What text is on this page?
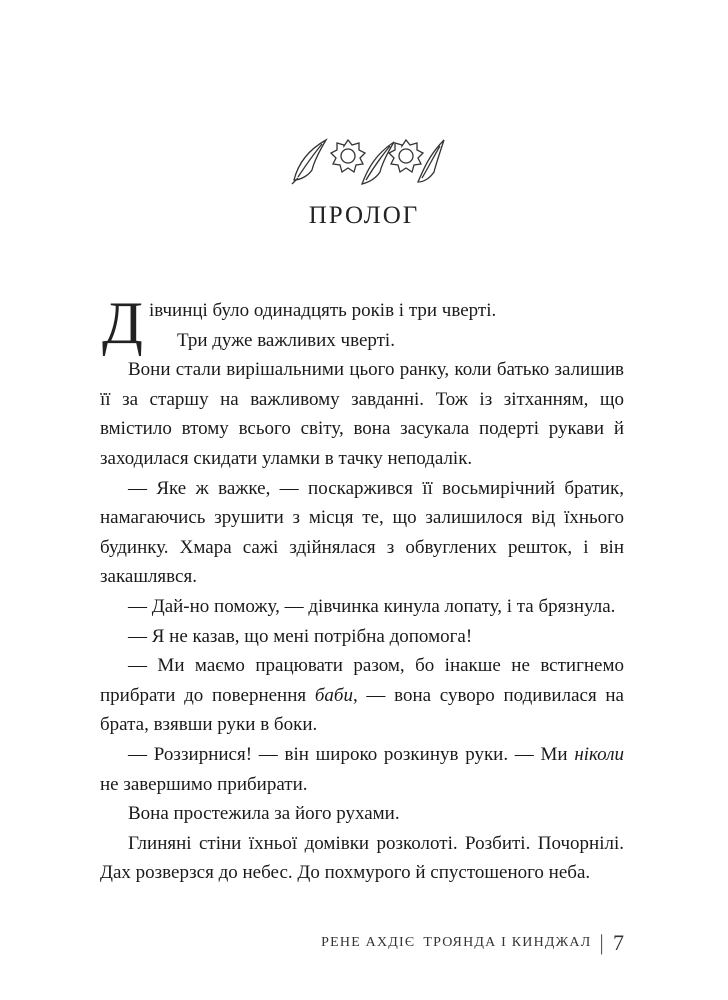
ПРОЛОГ

Дівчинці було одинадцять років і три чверті.

Три дуже важливих чверті.

Вони стали вирішальними цього ранку, коли батько залишив її за старшу на важливому завданні. Тож із зітханням, що вмістило втому всього світу, вона засукала подерті рукави й заходилася скидати уламки в тачку неподалік.

— Яке ж важке, — поскаржився її восьмирічний братик, намагаючись зрушити з місця те, що залишилося від їхнього будинку. Хмара сажі здійнялася з обвуглених решток, і він закашлявся.

— Дай-но поможу, — дівчинка кинула лопату, і та брязнула.

— Я не казав, що мені потрібна допомога!

— Ми маємо працювати разом, бо інакше не встигнемо прибрати до повернення баби, — вона суворо подивилася на брата, взявши руки в боки.

— Роззирнися! — він широко розкинув руки. — Ми ніколи не завершимо прибирати.

Вона простежила за його рухами.

Глиняні стіни їхньої домівки розколоті. Розбиті. Почорнілі. Дах розверзся до небес. До похмурого й спустошеного неба.

РЕНЕ АХДІЄ ТРОЯНДА І КИНДЖАЛ | 7
